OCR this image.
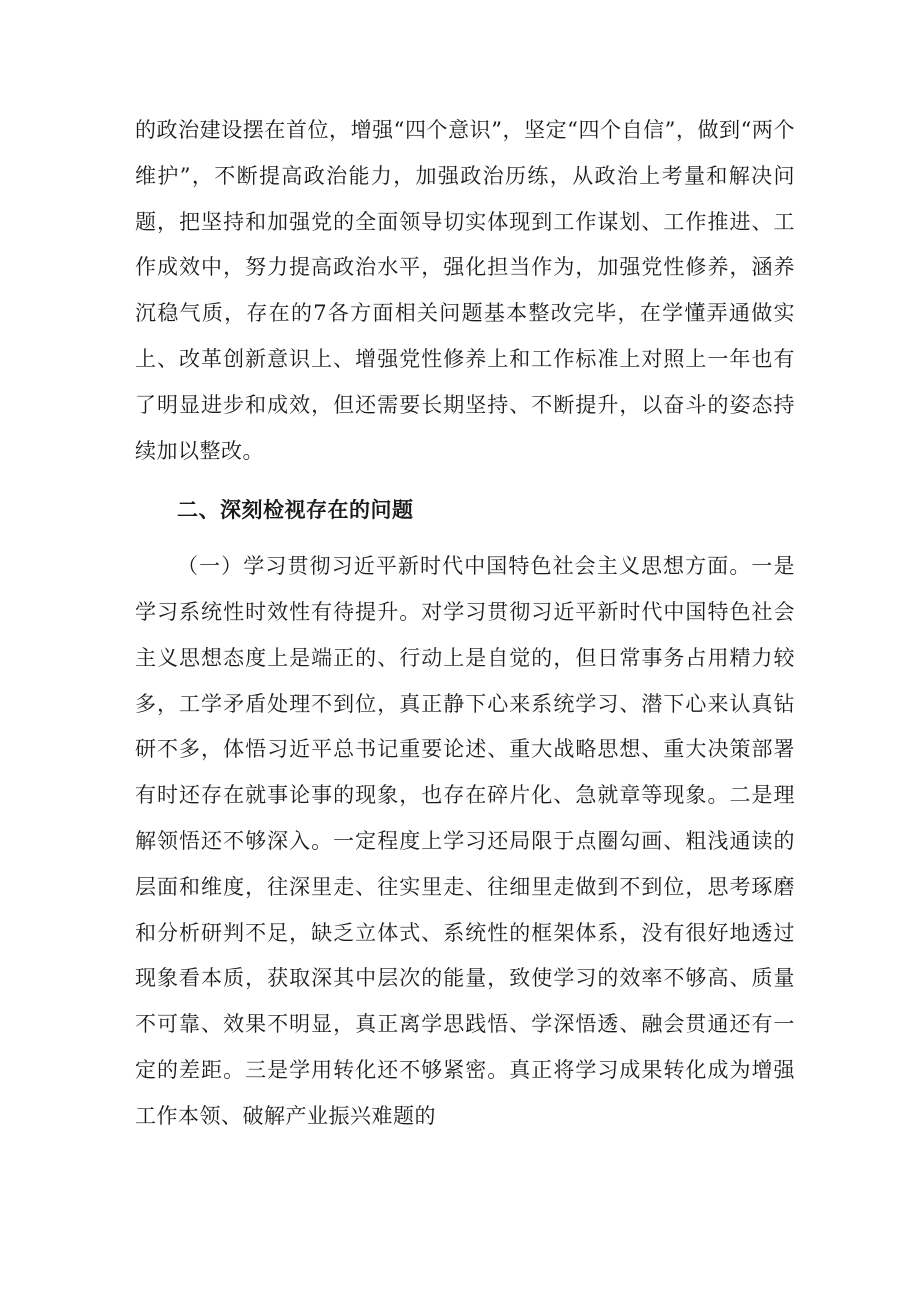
的政治建设摆在首位，增强“四个意识”，坚定“四个自信”，做到“两个维护”，不断提高政治能力，加强政治历练，从政治上考量和解决问题，把坚持和加强党的全面领导切实体现到工作谋划、工作推进、工作成效中，努力提高政治水平，强化担当作为，加强党性修养，涵养沉稳气质，存在的7各方面相关问题基本整改完毕，在学懂弄通做实上、改革创新意识上、增强党性修养上和工作标准上对照上一年也有了明显进步和成效，但还需要长期坚持、不断提升，以奋斗的姿态持续加以整改。

二、深刻检视存在的问题

（一）学习贯彻习近平新时代中国特色社会主义思想方面。一是学习系统性时效性有待提升。对学习贯彻习近平新时代中国特色社会主义思想态度上是端正的、行动上是自觉的，但日常事务占用精力较多，工学矛盾处理不到位，真正静下心来系统学习、潜下心来认真钻研不多，体悟习近平总书记重要论述、重大战略思想、重大决策部署有时还存在就事论事的现象，也存在碎片化、急就章等现象。二是理解领悟还不够深入。一定程度上学习还局限于点圈勾画、粗浅通读的层面和维度，往深里走、往实里走、往细里走做到不到位，思考琢磨和分析研判不足，缺乏立体式、系统性的框架体系，没有很好地透过现象看本质，获取深其中层次的能量，致使学习的效率不够高、质量不可靠、效果不明显，真正离学思践悟、学深悟透、融会贯通还有一定的差距。三是学用转化还不够紧密。真正将学习成果转化成为增强工作本领、破解产业振兴难题的
